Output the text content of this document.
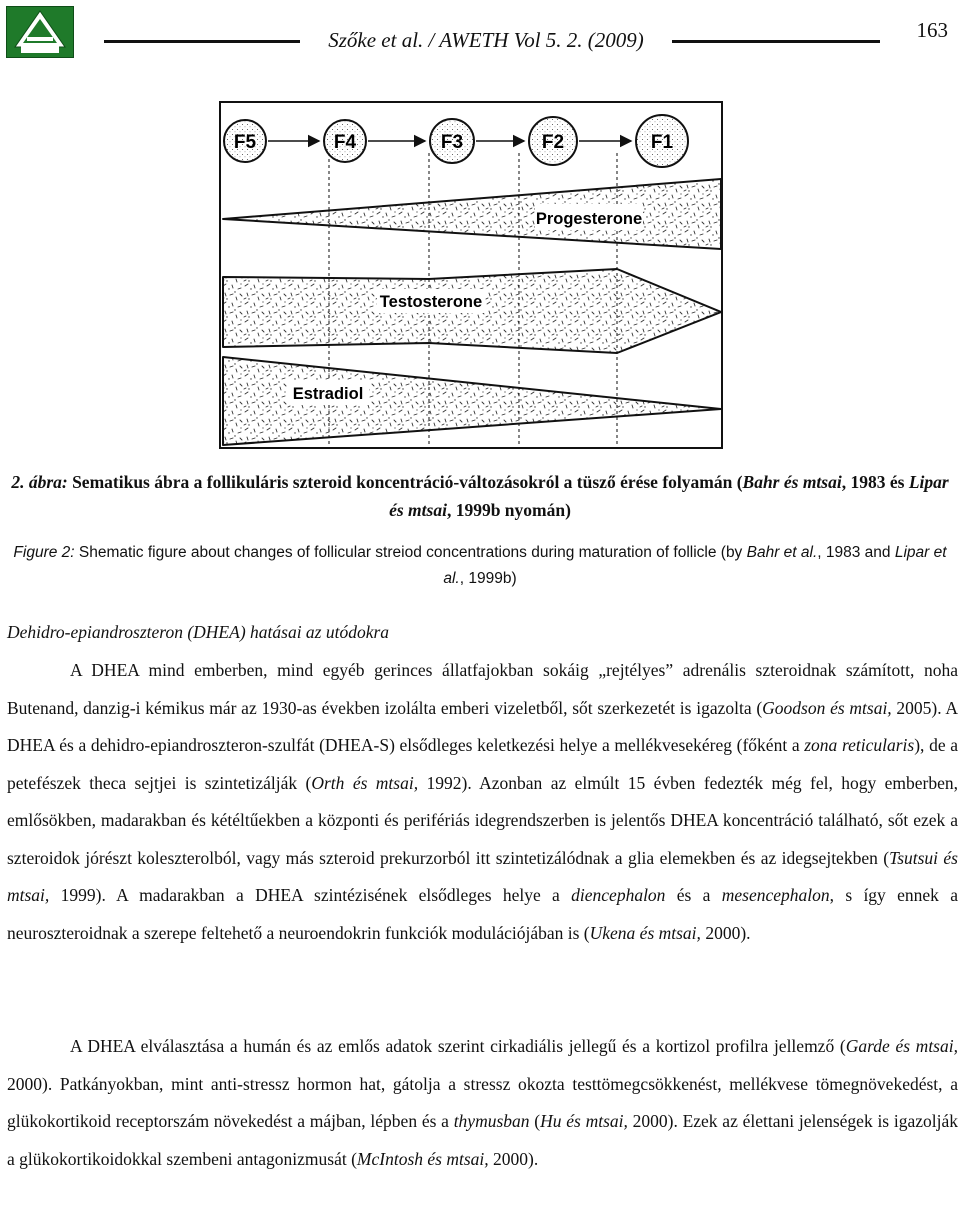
Szőke et al. / AWETH Vol 5. 2. (2009)	163
F5	F4	F3	F2	F1
Progesterone
Testosterone
Estradiol
2. ábra: Sematikus ábra a follikuláris szteroid koncentráció-változásokról a tüsző érése folyamán (Bahr és mtsai, 1983 és Lipar és mtsai, 1999b nyomán)
Figure 2: Shematic figure about changes of follicular streiod concentrations during maturation of follicle (by Bahr et al., 1983 and Lipar et al., 1999b)
Dehidro-epiandroszteron (DHEA) hatásai az utódokra

A DHEA mind emberben, mind egyéb gerinces állatfajokban sokáig „rejtélyes” adrenális szteroidnak számított, noha Butenand, danzig-i kémikus már az 1930-as években izolálta emberi vizeletből, sőt szerkezetét is igazolta (Goodson és mtsai, 2005). A DHEA és a dehidro-epiandroszteron-szulfát (DHEA-S) elsődleges keletkezési helye a mellékvesekéreg (főként a zona reticularis), de a petefészek theca sejtjei is szintetizálják (Orth és mtsai, 1992). Azonban az elmúlt 15 évben fedezték még fel, hogy emberben, emlősökben, madarakban és kétéltűekben a központi és perifériás idegrendszerben is jelentős DHEA koncentráció található, sőt ezek a szteroidok jórészt koleszterolból, vagy más szteroid prekurzorból itt szintetizálódnak a glia elemekben és az idegsejtekben (Tsutsui és mtsai, 1999). A madarakban a DHEA szintézisének elsődleges helye a diencephalon és a mesencephalon, s így ennek a neuroszteroidnak a szerepe feltehető a neuroendokrin funkciók modulációjában is (Ukena és mtsai, 2000).

A DHEA elválasztása a humán és az emlős adatok szerint cirkadiális jellegű és a kortizol profilra jellemző (Garde és mtsai, 2000). Patkányokban, mint anti-stressz hormon hat, gátolja a stressz okozta testtömegcsökkenést, mellékvese tömegnövekedést, a glükokortikoid receptorszám növekedést a májban, lépben és a thymusban (Hu és mtsai, 2000). Ezek az élettani jelenségek is igazolják a glükokortikoidokkal szembeni antagonizmusát (McIntosh és mtsai, 2000).
